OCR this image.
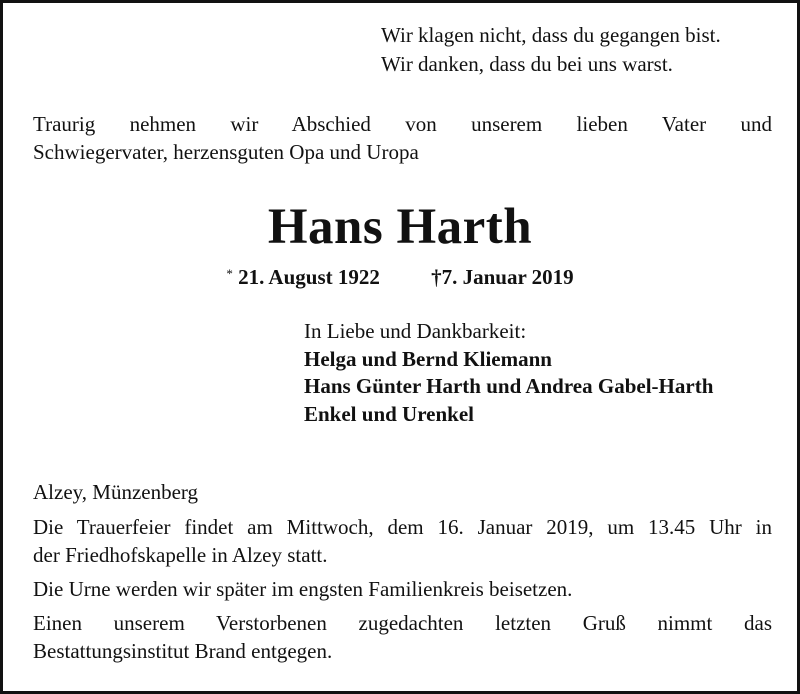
Wir klagen nicht, dass du gegangen bist.
Wir danken, dass du bei uns warst.
Traurig nehmen wir Abschied von unserem lieben Vater und
Schwiegervater, herzensguten Opa und Uropa
Hans Harth
* 21. August 1922 †7. Januar 2019
In Liebe und Dankbarkeit:
Helga und Bernd Kliemann
Hans Günter Harth und Andrea Gabel-Harth
Enkel und Urenkel
Alzey, Münzenberg

Die Trauerfeier findet am Mittwoch, dem 16. Januar 2019, um 13.45 Uhr in
der Friedhofskapelle in Alzey statt.

Die Urne werden wir später im engsten Familienkreis beisetzen.

Einen unserem Verstorbenen zugedachten letzten Gruß nimmt das
Bestattungsinstitut Brand entgegen.
